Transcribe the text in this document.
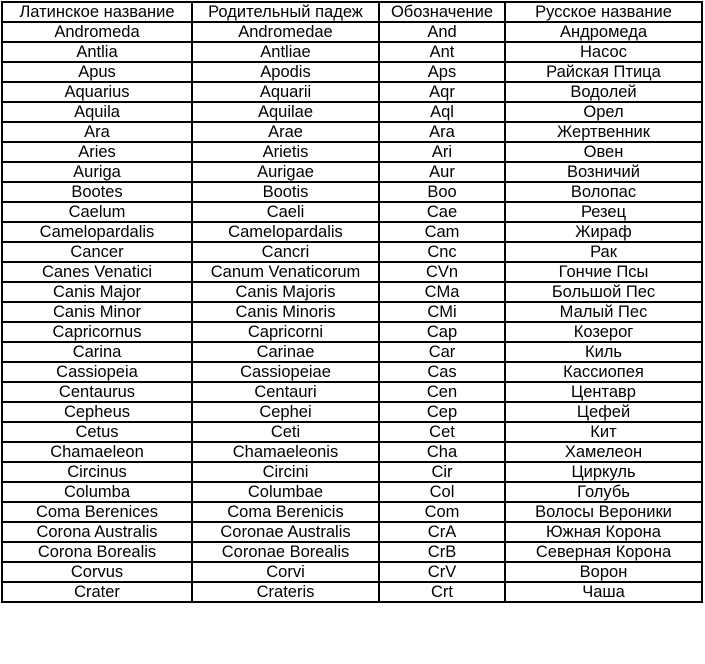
Латинское название	Родительный падеж	Обозначение	Русское название
Andromeda	Andromedae	And	Андромеда
Antlia	Antliae	Ant	Насос
Apus	Apodis	Aps	Райская Птица
Aquarius	Aquarii	Aqr	Водолей
Aquila	Aquilae	Aql	Орел
Ara	Arae	Ara	Жертвенник
Aries	Arietis	Ari	Овен
Auriga	Aurigae	Aur	Возничий
Bootes	Bootis	Boo	Волопас
Caelum	Caeli	Cae	Резец
Camelopardalis	Camelopardalis	Cam	Жираф
Cancer	Cancri	Cnc	Рак
Canes Venatici	Canum Venaticorum	CVn	Гончие Псы
Canis Major	Canis Majoris	CMa	Большой Пес
Canis Minor	Canis Minoris	CMi	Малый Пес
Capricornus	Capricorni	Cap	Козерог
Carina	Carinae	Car	Киль
Cassiopeia	Cassiopeiae	Cas	Кассиопея
Centaurus	Centauri	Cen	Центавр
Cepheus	Cephei	Cep	Цефей
Cetus	Ceti	Cet	Кит
Chamaeleon	Chamaeleonis	Cha	Хамелеон
Circinus	Circini	Cir	Циркуль
Columba	Columbae	Col	Голубь
Coma Berenices	Coma Berenicis	Com	Волосы Вероники
Corona Australis	Coronae Australis	CrA	Южная Корона
Corona Borealis	Coronae Borealis	CrB	Северная Корона
Corvus	Corvi	CrV	Ворон
Crater	Crateris	Crt	Чаша
